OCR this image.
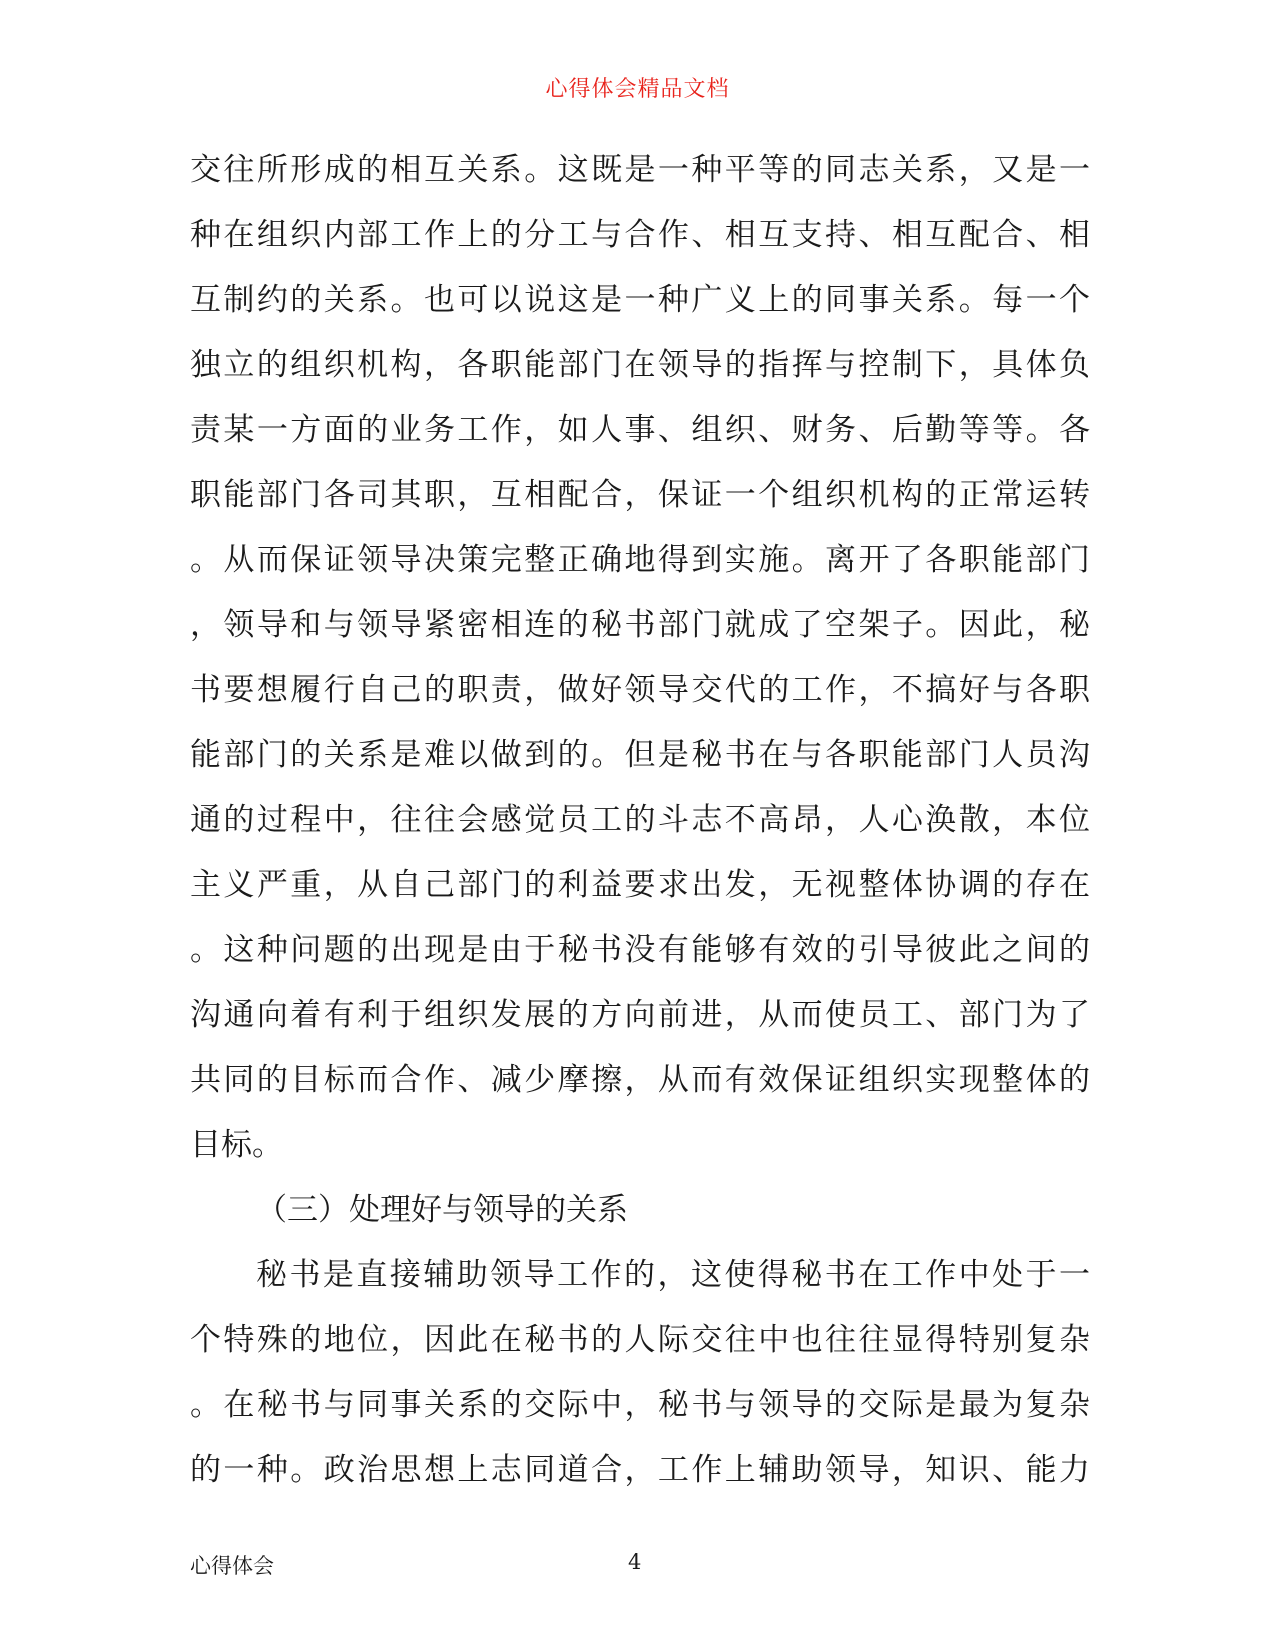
心得体会精品文档
交往所形成的相互关系。这既是一种平等的同志关系，又是一
种在组织内部工作上的分工与合作、相互支持、相互配合、相
互制约的关系。也可以说这是一种广义上的同事关系。每一个
独立的组织机构，各职能部门在领导的指挥与控制下，具体负
责某一方面的业务工作，如人事、组织、财务、后勤等等。各
职能部门各司其职，互相配合，保证一个组织机构的正常运转
。从而保证领导决策完整正确地得到实施。离开了各职能部门
，领导和与领导紧密相连的秘书部门就成了空架子。因此，秘
书要想履行自己的职责，做好领导交代的工作，不搞好与各职
能部门的关系是难以做到的。但是秘书在与各职能部门人员沟
通的过程中，往往会感觉员工的斗志不高昂，人心涣散，本位
主义严重，从自己部门的利益要求出发，无视整体协调的存在
。这种问题的出现是由于秘书没有能够有效的引导彼此之间的
沟通向着有利于组织发展的方向前进，从而使员工、部门为了
共同的目标而合作、减少摩擦，从而有效保证组织实现整体的
目标。
（三）处理好与领导的关系
秘书是直接辅助领导工作的，这使得秘书在工作中处于一
个特殊的地位，因此在秘书的人际交往中也往往显得特别复杂
。在秘书与同事关系的交际中，秘书与领导的交际是最为复杂
的一种。政治思想上志同道合，工作上辅助领导，知识、能力
心得体会	4
